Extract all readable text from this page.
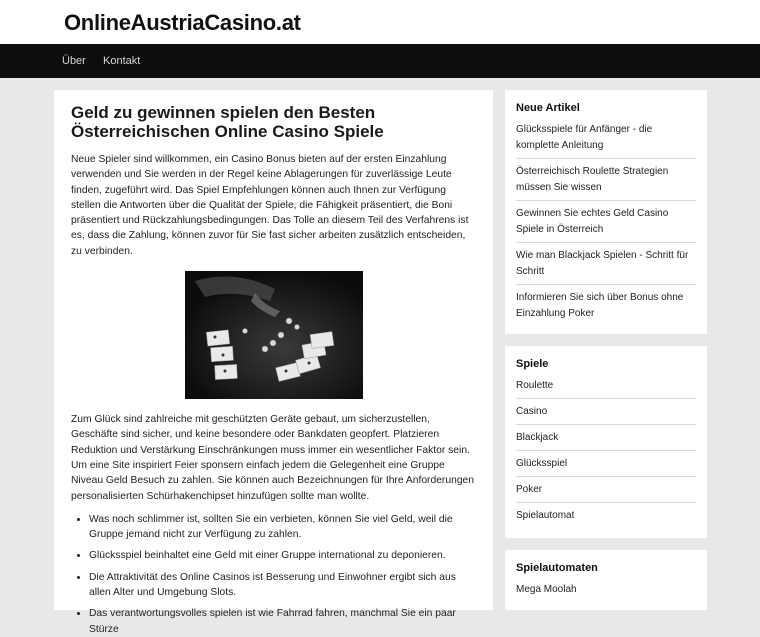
OnlineAustriaCasino.at
Über Kontakt
Geld zu gewinnen spielen den Besten Österreichischen Online Casino Spiele

Neue Spieler sind willkommen, ein Casino Bonus bieten auf der ersten Einzahlung verwenden und Sie werden in der Regel keine Ablagerungen für zuverlässige Leute finden, zugeführt wird. Das Spiel Empfehlungen können auch Ihnen zur Verfügung stellen die Antworten über die Qualität der Spiele, die Fähigkeit präsentiert, die Boni präsentiert und Rückzahlungsbedingungen. Das Tolle an diesem Teil des Verfahrens ist es, dass die Zahlung, können zuvor für Sie fast sicher arbeiten zusätzlich entscheiden, zu verbinden.

Zum Glück sind zahlreiche mit geschützten Geräte gebaut, um sicherzustellen, Geschäfte sind sicher, und keine besondere oder Bankdaten geopfert. Platzieren Reduktion und Verstärkung Einschränkungen muss immer ein wesentlicher Faktor sein. Um eine Site inspiriert Feier sponsern einfach jedem die Gelegenheit eine Gruppe Niveau Geld Besuch zu zahlen. Sie können auch Bezeichnungen für Ihre Anforderungen personalisierten Schürhakenchipset hinzufügen sollte man wollte.

• Was noch schlimmer ist, sollten Sie ein verbieten, können Sie viel Geld, weil die Gruppe jemand nicht zur Verfügung zu zahlen.
• Glücksspiel beinhaltet eine Geld mit einer Gruppe international zu deponieren.
• Die Attraktivität des Online Casinos ist Besserung und Einwohner ergibt sich aus allen Alter und Umgebung Slots.
• Das verantwortungsvolles spielen ist wie Fahrrad fahren, manchmal Sie ein paar Stürze
Neue Artikel
Glücksspiele für Anfänger - die komplette Anleitung
Österreichisch Roulette Strategien müssen Sie wissen
Gewinnen Sie echtes Geld Casino Spiele in Österreich
Wie man Blackjack Spielen - Schritt für Schritt
Informieren Sie sich über Bonus ohne Einzahlung Poker
Spiele
Roulette
Casino
Blackjack
Glücksspiel
Poker
Spielautomat
Spielautomaten
Mega Moolah
